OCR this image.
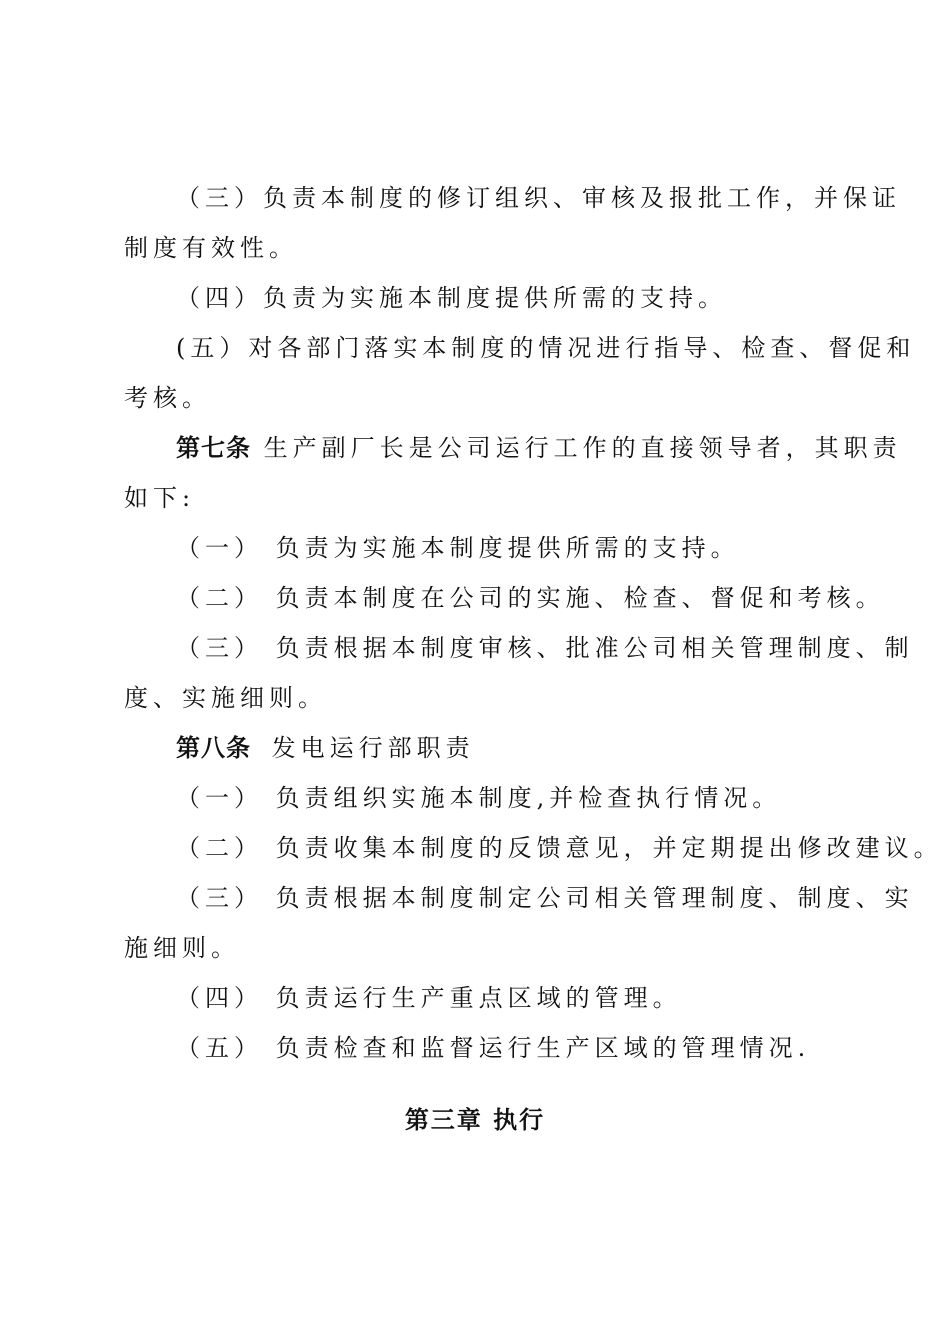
（三）负责本制度的修订组织、审核及报批工作，并保证
制度有效性。
（四）负责为实施本制度提供所需的支持。
(五）对各部门落实本制度的情况进行指导、检查、督促和
考核。
第七条 生产副厂长是公司运行工作的直接领导者，其职责
如下:
（一） 负责为实施本制度提供所需的支持。
（二） 负责本制度在公司的实施、检查、督促和考核。
（三） 负责根据本制度审核、批准公司相关管理制度、制
度、实施细则。
第八条 发电运行部职责
（一） 负责组织实施本制度,并检查执行情况。
（二） 负责收集本制度的反馈意见，并定期提出修改建议。
（三） 负责根据本制度制定公司相关管理制度、制度、实
施细则。
（四） 负责运行生产重点区域的管理。
（五） 负责检查和监督运行生产区域的管理情况.
第三章 执行
